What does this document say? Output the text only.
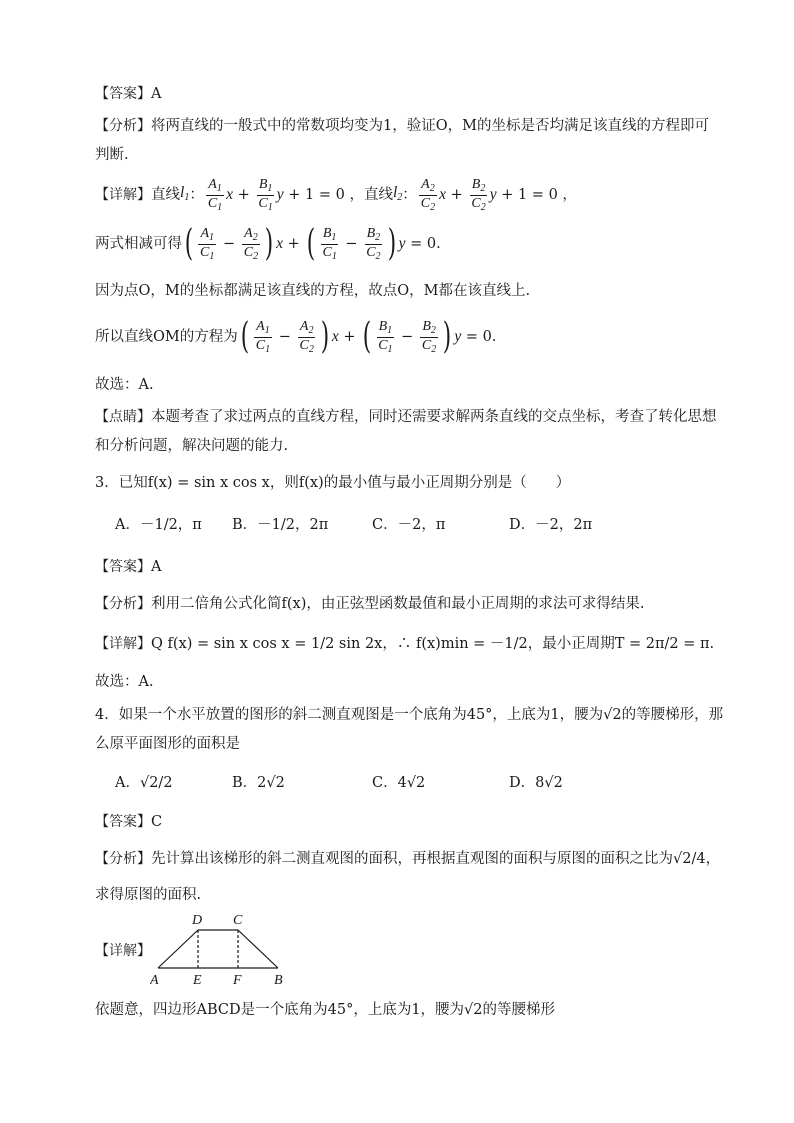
【答案】A
【分析】将两直线的一般式中的常数项均变为1，验证O，M的坐标是否均满足该直线的方程即可
判断.
【详解】 直线 $l_1$ ： $\frac{A_1}{C_1}$ $x + \frac{B_1}{C_1}$ y + 1 = 0 ，直线 $l_2$ ： $\frac{A_2}{C_2}$ $x + \frac{B_2}{C_2}$ y + 1 = 0 ，
两式相减可得 ( $\frac{A_1}{C_1} - \frac{A_2}{C_2}$ ) x + ( $\frac{B_1}{C_1} - \frac{B_2}{C_2}$ ) y = 0 .
因为点O，M的坐标都满足该直线的方程，故点O，M都在该直线上.
所以直线OM的方程为 ( $\frac{A_1}{C_1} - \frac{A_2}{C_2}$ ) x + ( $\frac{B_1}{C_1} - \frac{B_2}{C_2}$ ) y = 0 .
故选：A.
【点睛】本题考查了求过两点的直线方程，同时还需要求解两条直线的交点坐标，考查了转化思想
和分析问题，解决问题的能力.
3．已知f(x) = sin x cos x，则f(x)的最小值与最小正周期分别是（　　）
A．－1/2，π B．－1/2，2π	C．－2，π	D．－2，2π
【答案】A
【分析】利用二倍角公式化简f(x)，由正弦型函数最值和最小正周期的求法可求得结果.
【详解】Q f(x) = sin x cos x = 1/2 sin 2x，∴ f(x)min = －1/2，最小正周期T = 2π/2 = π.
故选：A.
4．如果一个水平放置的图形的斜二测直观图是一个底角为45°，上底为1，腰为√2的等腰梯形，那
么原平面图形的面积是
A．√2/2	B．2√2	C．4√2	D．8√2
【答案】C
【分析】先计算出该梯形的斜二测直观图的面积，再根据直观图的面积与原图的面积之比为√2/4，
求得原图的面积.
【详解】
D C
A E F B
依题意，四边形ABCD是一个底角为45°，上底为1，腰为√2的等腰梯形
